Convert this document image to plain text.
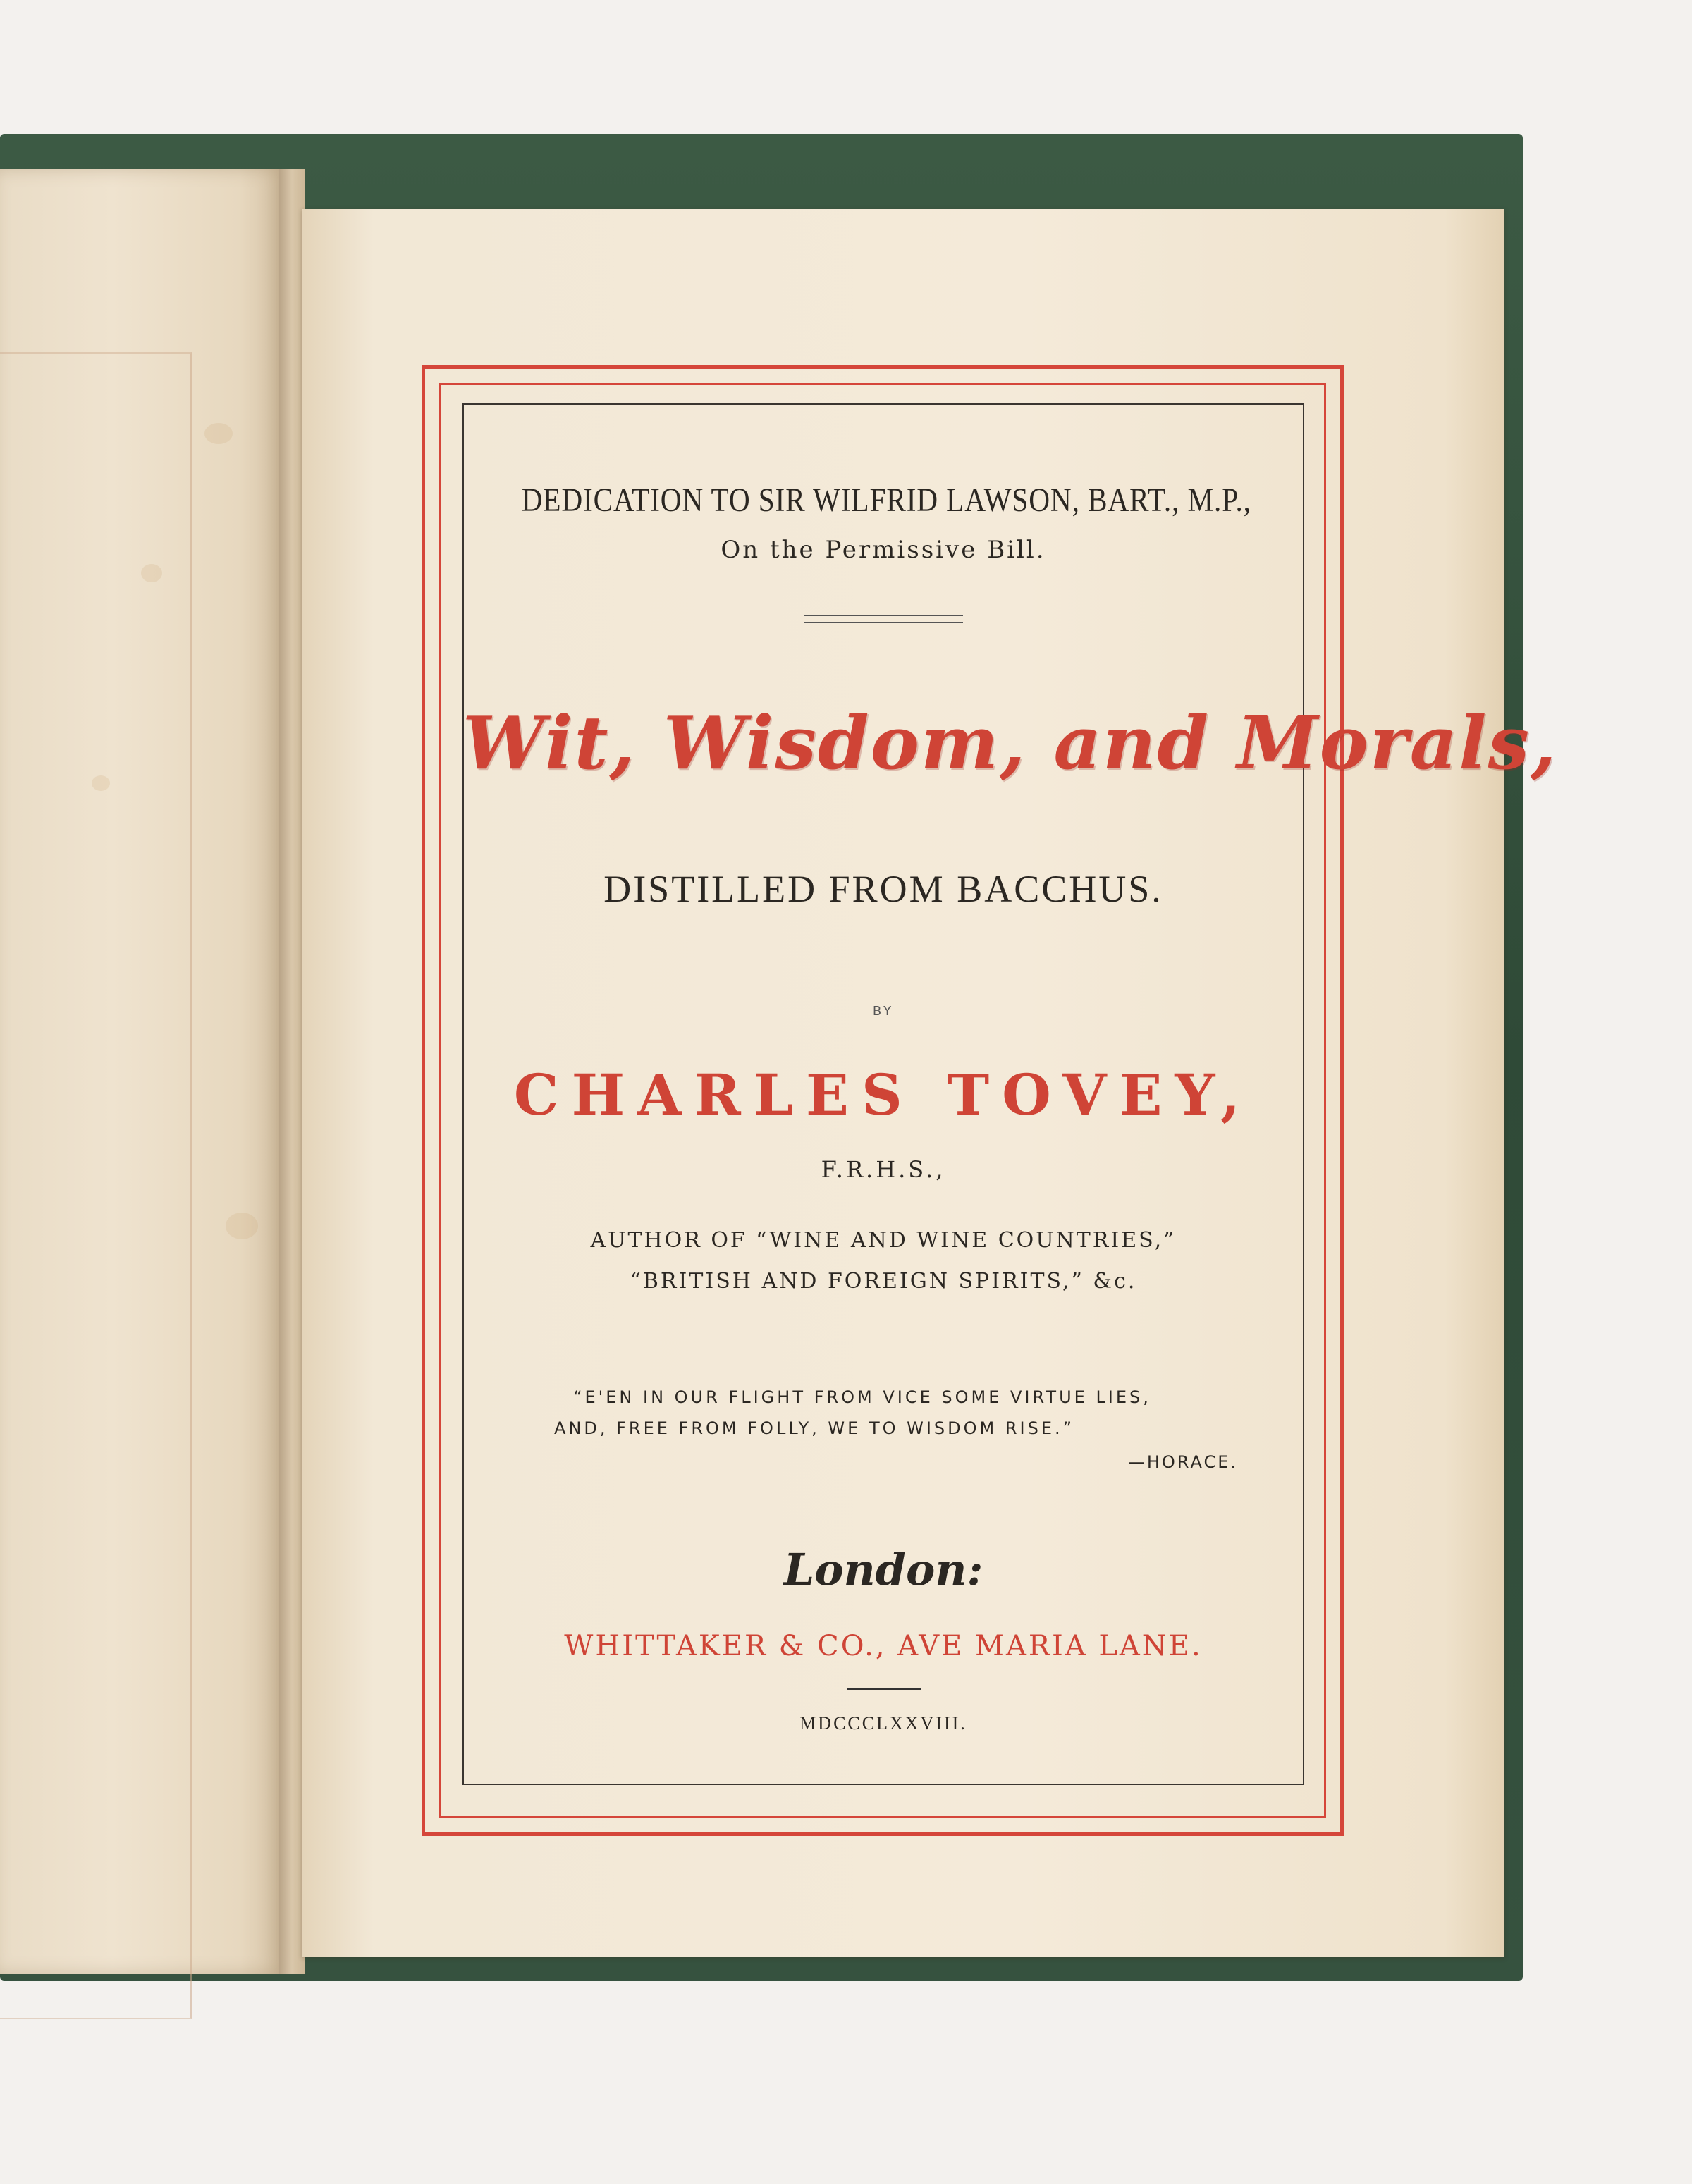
DEDICATION TO SIR WILFRID LAWSON, BART., M.P.,
On the Permissive Bill.
Wit, Wisdom, and Morals,
DISTILLED FROM BACCHUS.
BY
CHARLES TOVEY,
F.R.H.S.,
AUTHOR OF “WINE AND WINE COUNTRIES,”
“BRITISH AND FOREIGN SPIRITS,” &c.
“E'EN IN OUR FLIGHT FROM VICE SOME VIRTUE LIES,
AND, FREE FROM FOLLY, WE TO WISDOM RISE.”
—HORACE.
London:
WHITTAKER & CO., AVE MARIA LANE.
MDCCCLXXVIII.
